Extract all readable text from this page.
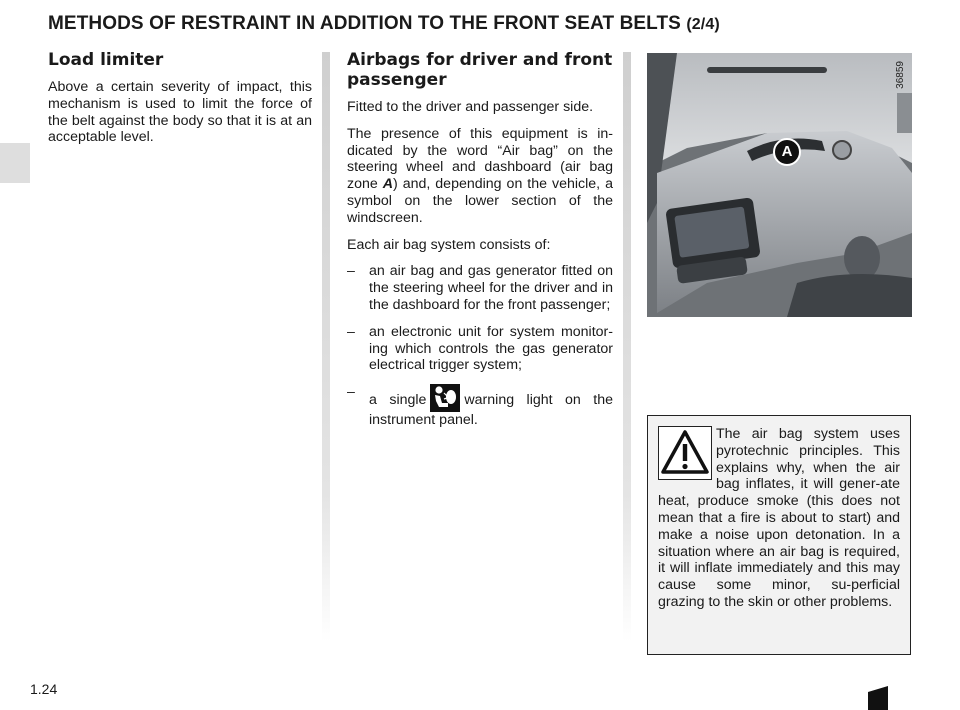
METHODS OF RESTRAINT IN ADDITION TO THE FRONT SEAT BELTS (2/4)
Load limiter

Above a certain severity of impact, this mechanism is used to limit the force of the belt against the body so that it is at an acceptable level.

Airbags for driver and front passenger

Fitted to the driver and passenger side.

The presence of this equipment is in-dicated by the word “Air bag” on the steering wheel and dashboard (air bag zone A) and, depending on the vehicle, a symbol on the lower section of the windscreen.

Each air bag system consists of:

– an air bag and gas generator fitted on the steering wheel for the driver and in the dashboard for the front passenger;
– an electronic unit for system monitor-ing which controls the gas generator electrical trigger system;
– a single	warning light on the instrument panel.
36859
A
The air bag system uses pyrotechnic principles. This explains why, when the air bag inflates, it will gener-ate heat, produce smoke (this does not mean that a fire is about to start) and make a noise upon detonation. In a situation where an air bag is required, it will inflate immediately and this may cause some minor, su-perficial grazing to the skin or other problems.
1.24
